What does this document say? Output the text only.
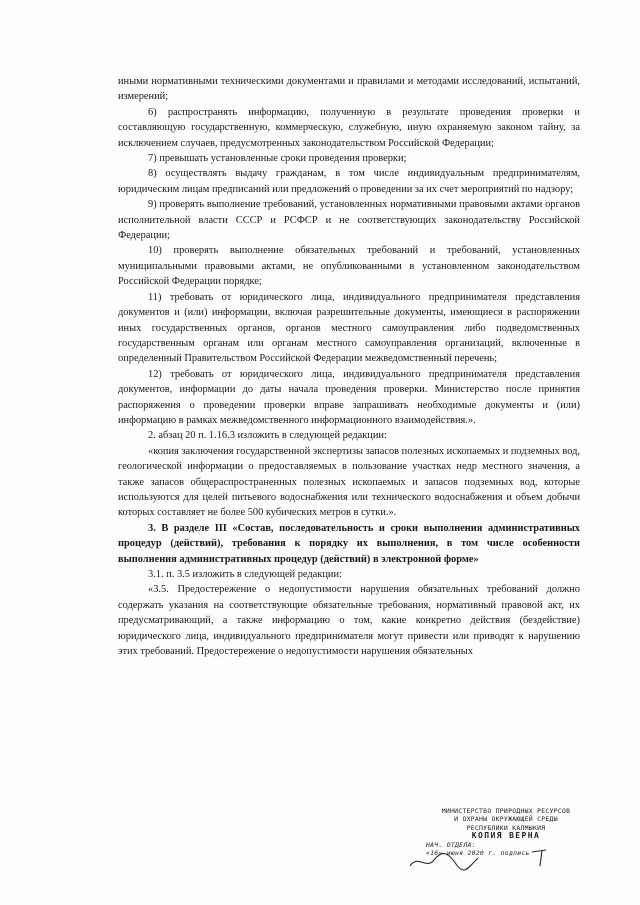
иными нормативными техническими документами и правилами и методами исследований, испытаний, измерений;

6) распространять информацию, полученную в результате проведения проверки и составляющую государственную, коммерческую, служебную, иную охраняемую законом тайну, за исключением случаев, предусмотренных законодательством Российской Федерации;

7) превышать установленные сроки проведения проверки;

8) осуществлять выдачу гражданам, в том числе индивидуальным предпринимателям, юридическим лицам предписаний или предложений о проведении за их счет мероприятий по надзору;

9) проверять выполнение требований, установленных нормативными правовыми актами органов исполнительной власти СССР и РСФСР и не соответствующих законодательству Российской Федерации;

10) проверять выполнение обязательных требований и требований, установленных муниципальными правовыми актами, не опубликованными в установленном законодательством Российской Федерации порядке;

11) требовать от юридического лица, индивидуального предпринимателя представления документов и (или) информации, включая разрешительные документы, имеющиеся в распоряжении иных государственных органов, органов местного самоуправления либо подведомственных государственным органам или органам местного самоуправления организаций, включенные в определенный Правительством Российской Федерации межведомственный перечень;

12) требовать от юридического лица, индивидуального предпринимателя представления документов, информации до даты начала проведения проверки. Министерство после принятия распоряжения о проведении проверки вправе запрашивать необходимые документы и (или) информацию в рамках межведомственного информационного взаимодействия.».

2. абзац 20 п. 1.16.3 изложить в следующей редакции:

«копия заключения государственной экспертизы запасов полезных ископаемых и подземных вод, геологической информации о предоставляемых в пользование участках недр местного значения, а также запасов общераспространенных полезных ископаемых и запасов подземных вод, которые используются для целей питьевого водоснабжения или технического водоснабжения и объем добычи которых составляет не более 500 кубических метров в сутки.».

3. В разделе III «Состав, последовательность и сроки выполнения административных процедур (действий), требования к порядку их выполнения, в том числе особенности выполнения административных процедур (действий) в электронной форме»

3.1. п. 3.5 изложить в следующей редакции:

«3.5. Предостережение о недопустимости нарушения обязательных требований должно содержать указания на соответствующие обязательные требования, нормативный правовой акт, их предусматривающий, а также информацию о том, какие конкретно действия (бездействие) юридического лица, индивидуального предпринимателя могут привести или приводят к нарушению этих требований. Предостережение о недопустимости нарушения обязательных

МИНИСТЕРСТВО ПРИРОДНЫХ РЕСУРСОВ
И ОХРАНЫ ОКРУЖАЮЩЕЙ СРЕДЫ
РЕСПУБЛИКИ КАЛМЫКИЯ
КОПИЯ ВЕРНА
НАЧ. ОТДЕЛА:
«16» июня 2020 г. подпись
